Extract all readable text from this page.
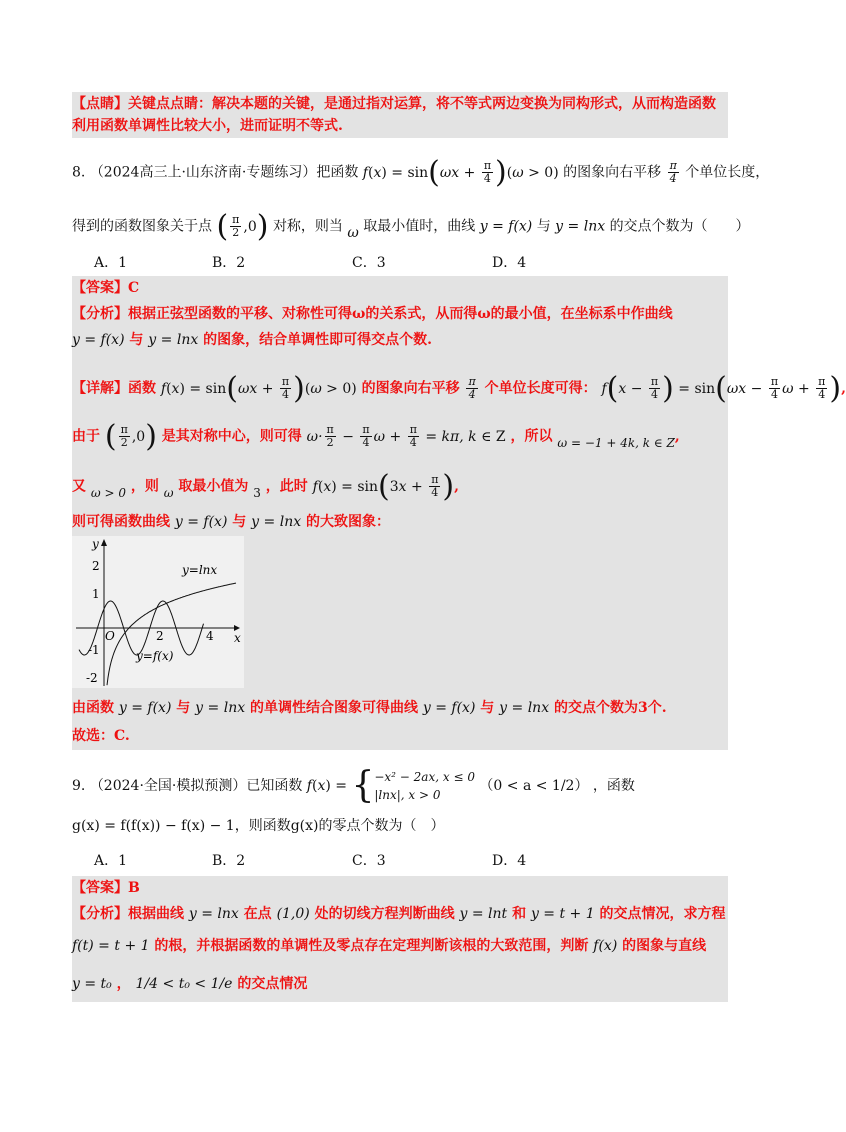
【点睛】关键点点睛：解决本题的关键，是通过指对运算，将不等式两边变换为同构形式，从而构造函数
利用函数单调性比较大小，进而证明不等式.
8. （2024高三上·山东济南·专题练习）把函数 $f(x) = \sin(\omega x + \frac{\pi}{4} )(\omega > 0)$ 的图象向右平移 $\frac{\pi}{4}$ 个单位长度，
得到的函数图象关于点 ( $\frac{\pi}{2} ,0$) 对称，则当 ω 取最小值时，曲线 y = f(x) 与 y = lnx 的交点个数为（　　）
A．1	B．2	C．3	D．4
【答案】C
【分析】根据正弦型函数的平移、对称性可得ω的关系式，从而得ω的最小值，在坐标系中作曲线
y = f(x) 与 y = lnx 的图象，结合单调性即可得交点个数.
【详解】函数 $f(x) = \sin(\omega x + \frac{\pi}{4} )(\omega > 0)$ 的图象向右平移 $\frac{\pi}{4}$ 个单位长度可得： $f(x - \frac{\pi}{4}$ ) = $\sin(\omega x - \frac{\pi}{4}$ $\omega + \frac{\pi}{4}$ ),
由于 ( $\frac{\pi}{2} ,0$) 是其对称中心，则可得 $\omega\cdot \frac{\pi}{2} - \frac{\pi}{4}$ $\omega + \frac{\pi}{4} = k\pi$, k ∈ Z ，所以 ω = −1 + 4k, k ∈ Z,
又 ω > 0 ，则 ω 取最小值为 3 ，此时 $f(x) = \sin(3x + \frac{\pi}{4}$ ),
则可得函数曲线 y = f(x) 与 y = lnx 的大致图象：
由函数 y = f(x) 与 y = lnx 的单调性结合图象可得曲线 y = f(x) 与 y = lnx 的交点个数为3个.
故选：C.
y
x
O
2
1
-1
-2
2	4
y=lnx
y=f(x)
9. （2024·全国·模拟预测）已知函数 f(x) = { −x² − 2ax, x ≤ 0
|lnx|, x > 0
（0 < a < 1/2） ，函数
g(x) = f(f(x)) − f(x) − 1，则函数g(x)的零点个数为（　）
A．1	B．2	C．3	D．4
【答案】B
【分析】根据曲线 y = lnx 在点 (1,0) 处的切线方程判断曲线 y = lnt 和 y = t + 1 的交点情况，求方程
f(t) = t + 1 的根，并根据函数的单调性及零点存在定理判断该根的大致范围，判断 f(x) 的图象与直线
y = t₀ ， 1/4 < t₀ < 1/e 的交点情况
